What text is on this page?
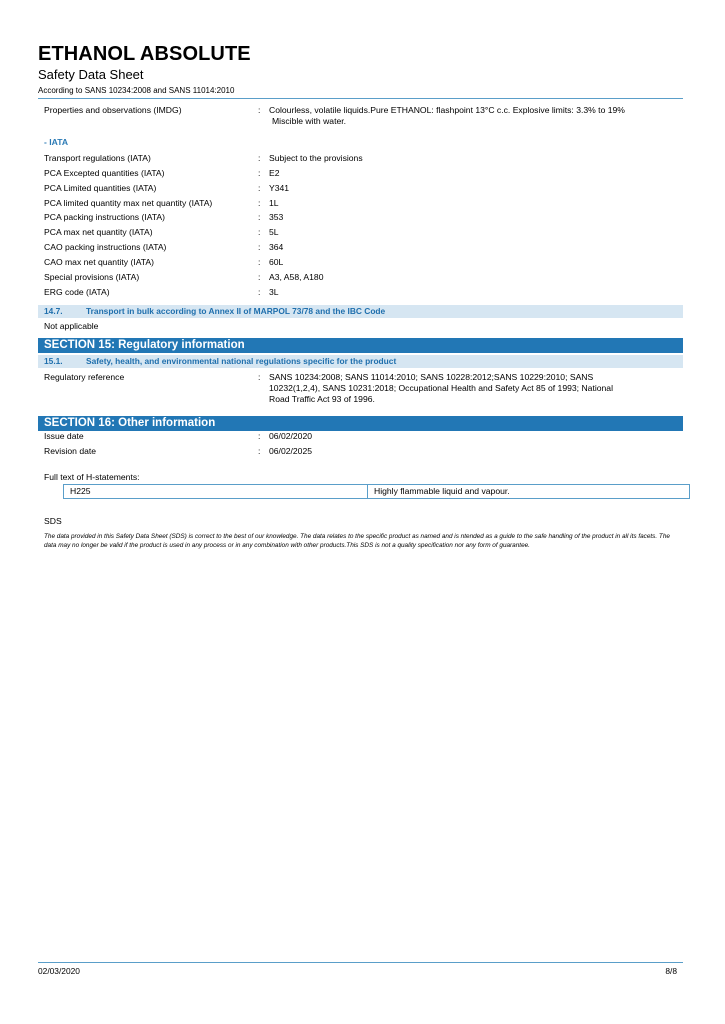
ETHANOL ABSOLUTE
Safety Data Sheet
According to SANS 10234:2008 and SANS 11014:2010
Properties and observations (IMDG)	: Colourless, volatile liquids.Pure ETHANOL: flashpoint 13°C c.c. Explosive limits: 3.3% to 19%
Miscible with water.
- IATA
Transport regulations (IATA)	: Subject to the provisions
PCA Excepted quantities (IATA)	: E2
PCA Limited quantities (IATA)	: Y341
PCA limited quantity max net quantity (IATA)	: 1L
PCA packing instructions (IATA)	: 353
PCA max net quantity (IATA)	: 5L
CAO packing instructions (IATA)	: 364
CAO max net quantity (IATA)	: 60L
Special provisions (IATA)	: A3, A58, A180
ERG code (IATA)	: 3L
14.7.	Transport in bulk according to Annex II of MARPOL 73/78 and the IBC Code
Not applicable
SECTION 15: Regulatory information
15.1.	Safety, health, and environmental national regulations specific for the product
Regulatory reference	: SANS 10234:2008; SANS 11014:2010; SANS 10228:2012;SANS 10229:2010; SANS
10232(1,2,4), SANS 10231:2018; Occupational Health and Safety Act 85 of 1993; National
Road Traffic Act 93 of 1996.
SECTION 16: Other information
Issue date	: 06/02/2020
Revision date	: 06/02/2025
Full text of H-statements:
H225	Highly flammable liquid and vapour.
SDS
The data provided in this Safety Data Sheet (SDS) is correct to the best of our knowledge. The data relates to the specific product as named and is ntended as a guide to the safe handling of the product in all its facets. The data may no longer be valid if the product is used in any process or in any combination with other products.This SDS is not a quality specification nor any form of guarantee.
02/03/2020	8/8
